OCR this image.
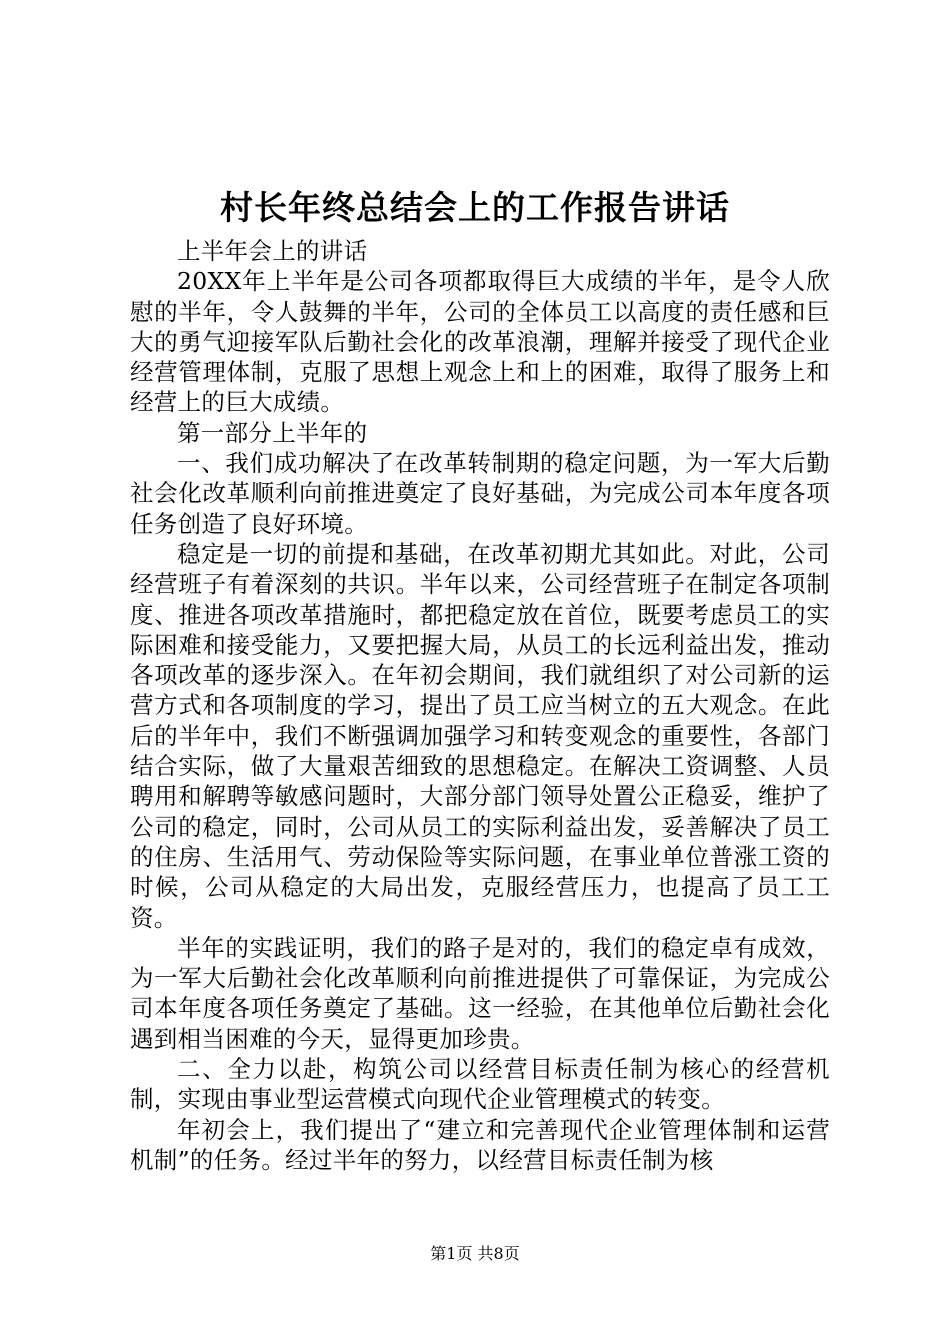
村长年终总结会上的工作报告讲话

上半年会上的讲话

20XX年上半年是公司各项都取得巨大成绩的半年，是令人欣慰的半年，令人鼓舞的半年，公司的全体员工以高度的责任感和巨大的勇气迎接军队后勤社会化的改革浪潮，理解并接受了现代企业经营管理体制，克服了思想上观念上和上的困难，取得了服务上和经营上的巨大成绩。

第一部分上半年的

一、我们成功解决了在改革转制期的稳定问题，为一军大后勤社会化改革顺利向前推进奠定了良好基础，为完成公司本年度各项任务创造了良好环境。

稳定是一切的前提和基础，在改革初期尤其如此。对此，公司经营班子有着深刻的共识。半年以来，公司经营班子在制定各项制度、推进各项改革措施时，都把稳定放在首位，既要考虑员工的实际困难和接受能力，又要把握大局，从员工的长远利益出发，推动各项改革的逐步深入。在年初会期间，我们就组织了对公司新的运营方式和各项制度的学习，提出了员工应当树立的五大观念。在此后的半年中，我们不断强调加强学习和转变观念的重要性，各部门结合实际，做了大量艰苦细致的思想稳定。在解决工资调整、人员聘用和解聘等敏感问题时，大部分部门领导处置公正稳妥，维护了公司的稳定，同时，公司从员工的实际利益出发，妥善解决了员工的住房、生活用气、劳动保险等实际问题，在事业单位普涨工资的时候，公司从稳定的大局出发，克服经营压力，也提高了员工工资。

半年的实践证明，我们的路子是对的，我们的稳定卓有成效，为一军大后勤社会化改革顺利向前推进提供了可靠保证，为完成公司本年度各项任务奠定了基础。这一经验，在其他单位后勤社会化遇到相当困难的今天，显得更加珍贵。

二、全力以赴，构筑公司以经营目标责任制为核心的经营机制，实现由事业型运营模式向现代企业管理模式的转变。

年初会上，我们提出了“建立和完善现代企业管理体制和运营机制”的任务。经过半年的努力，以经营目标责任制为核

第1页 共8页
